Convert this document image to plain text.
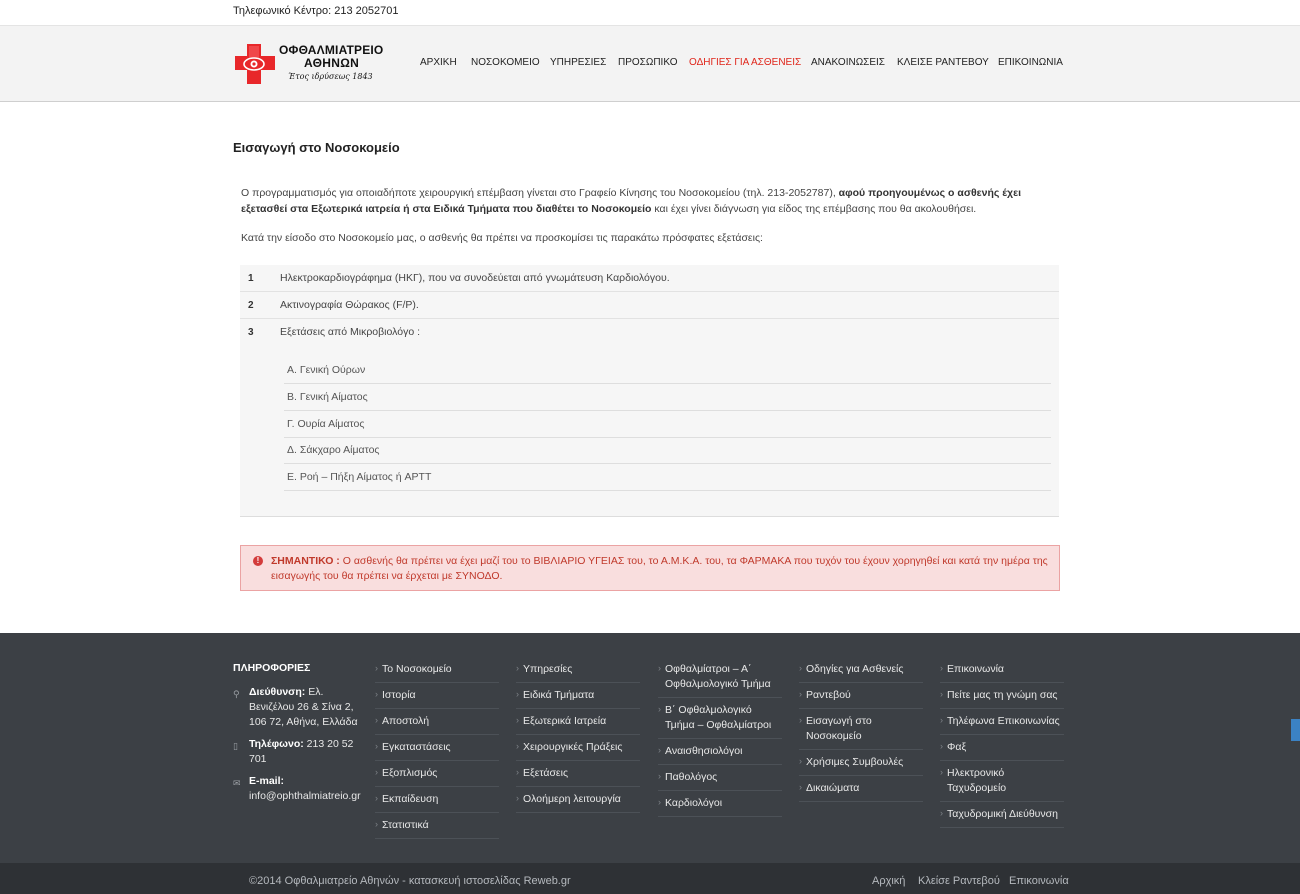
Τηλεφωνικό Κέντρο: 213 2052701
ΟΦΘΑΛΜΙΑΤΡΕΙΟ
ΑΘΗΝΩΝ
Έτος ιδρύσεως 1843
ΑΡΧΙΚΗ ΝΟΣΟΚΟΜΕΙΟ ΥΠΗΡΕΣΙΕΣ ΠΡΟΣΩΠΙΚΟ ΟΔΗΓΙΕΣ ΓΙΑ ΑΣΘΕΝΕΙΣ ΑΝΑΚΟΙΝΩΣΕΙΣ ΚΛΕΙΣΕ ΡΑΝΤΕΒΟΥ ΕΠΙΚΟΙΝΩΝΙΑ
Εισαγωγή στο Νοσοκομείο

Ο προγραμματισμός για οποιαδήποτε χειρουργική επέμβαση γίνεται στο Γραφείο Κίνησης του Νοσοκομείου (τηλ. 213-2052787), αφού προηγουμένως ο ασθενής έχει εξετασθεί στα Εξωτερικά ιατρεία ή στα Ειδικά Τμήματα που διαθέτει το Νοσοκομείο και έχει γίνει διάγνωση για είδος της επέμβασης που θα ακολουθήσει.

Κατά την είσοδο στο Νοσοκομείο μας, ο ασθενής θα πρέπει να προσκομίσει τις παρακάτω πρόσφατες εξετάσεις:

1	Ηλεκτροκαρδιογράφημα (ΗΚΓ), που να συνοδεύεται από γνωμάτευση Καρδιολόγου.
2	Ακτινογραφία Θώρακος (F/P).
3	Εξετάσεις από Μικροβιολόγο :
Α. Γενική Ούρων
Β. Γενική Αίματος
Γ. Ουρία Αίματος
Δ. Σάκχαρο Αίματος
Ε. Ροή – Πήξη Αίματος ή APTT
!	ΣΗΜΑΝΤΙΚΟ : Ο ασθενής θα πρέπει να έχει μαζί του το ΒΙΒΛΙΑΡΙΟ ΥΓΕΙΑΣ του, το Α.Μ.Κ.Α. του, τα ΦΑΡΜΑΚΑ που τυχόν του έχουν χορηγηθεί και κατά την ημέρα της εισαγωγής του θα πρέπει να έρχεται με ΣΥΝΟΔΟ.

ΠΛΗΡΟΦΟΡΙΕΣ
⚲ Διεύθυνση: Ελ. Βενιζέλου 26 & Σίνα 2, 106 72, Αθήνα, Ελλάδα
▯ Τηλέφωνο: 213 20 52 701
✉ E-mail:
info@ophthalmiatreio.gr
› Το Νοσοκομείο
› Ιστορία
› Αποστολή
› Εγκαταστάσεις
› Εξοπλισμός
› Εκπαίδευση
› Στατιστικά
› Υπηρεσίες
› Ειδικά Τμήματα
› Εξωτερικά Ιατρεία
› Χειρουργικές Πράξεις
› Εξετάσεις
› Ολοήμερη λειτουργία
› Οφθαλμίατροι – Α΄ Οφθαλμολογικό Τμήμα
› Β΄ Οφθαλμολογικό Τμήμα – Οφθαλμίατροι
› Αναισθησιολόγοι
› Παθολόγος
› Καρδιολόγοι
› Οδηγίες για Ασθενείς
› Ραντεβού
› Εισαγωγή στο Νοσοκομείο
› Χρήσιμες Συμβουλές
› Δικαιώματα
› Επικοινωνία
› Πείτε μας τη γνώμη σας
› Τηλέφωνα Επικοινωνίας
› Φαξ
› Ηλεκτρονικό Ταχυδρομείο
› Ταχυδρομική Διεύθυνση
©2014 Οφθαλμιατρείο Αθηνών - κατασκευή ιστοσελίδας Reweb.gr	Αρχική Κλείσε Ραντεβού Επικοινωνία
